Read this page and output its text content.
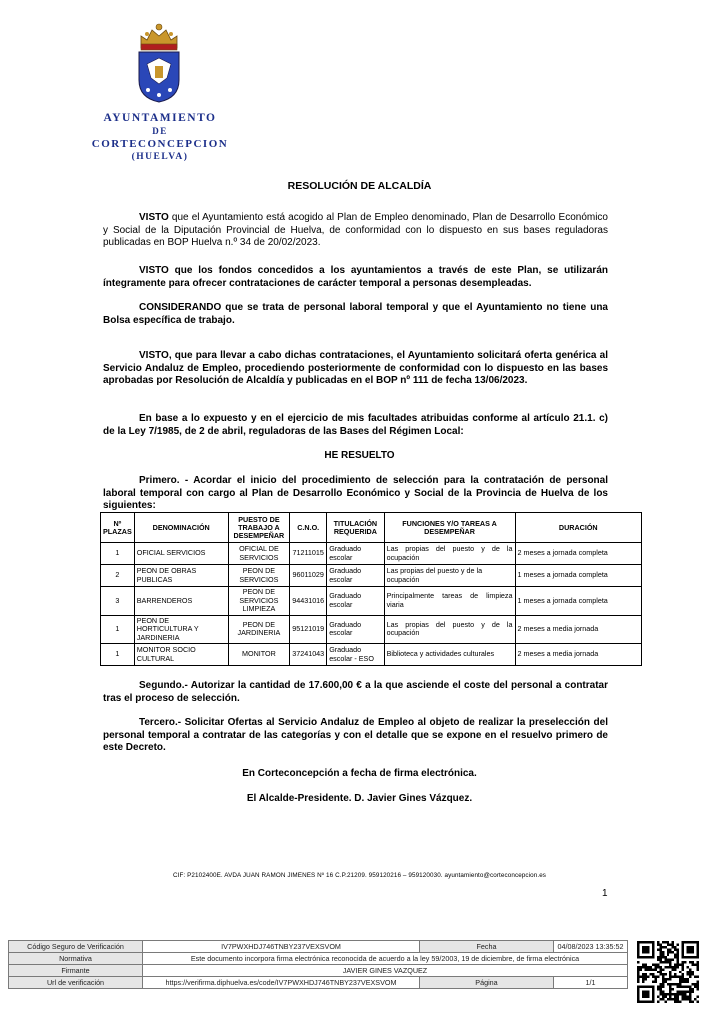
AYUNTAMIENTO
DE
CORTECONCEPCION
(HUELVA)
RESOLUCIÓN DE ALCALDÍA
VISTO que el Ayuntamiento está acogido al Plan de Empleo denominado, Plan de Desarrollo Económico y Social de la Diputación Provincial de Huelva, de conformidad con lo dispuesto en sus bases reguladoras publicadas en BOP Huelva n.º 34 de 20/02/2023.
VISTO que los fondos concedidos a los ayuntamientos a través de este Plan, se utilizarán íntegramente para ofrecer contrataciones de carácter temporal a personas desempleadas.
CONSIDERANDO que se trata de personal laboral temporal y que el Ayuntamiento no tiene una Bolsa específica de trabajo.
VISTO, que para llevar a cabo dichas contrataciones, el Ayuntamiento solicitará oferta genérica al Servicio Andaluz de Empleo, procediendo posteriormente de conformidad con lo dispuesto en las bases aprobadas por Resolución de Alcaldía y publicadas en el BOP nº 111 de fecha 13/06/2023.
En base a lo expuesto y en el ejercicio de mis facultades atribuidas conforme al artículo 21.1. c) de la Ley 7/1985, de 2 de abril, reguladoras de las Bases del Régimen Local:
HE RESUELTO
Primero. - Acordar el inicio del procedimiento de selección para la contratación de personal laboral temporal con cargo al Plan de Desarrollo Económico y Social de la Provincia de Huelva de los siguientes:
Nº PLAZAS	DENOMINACIÓN	PUESTO DE TRABAJO A DESEMPEÑAR	C.N.O.	TITULACIÓN REQUERIDA	FUNCIONES Y/O TAREAS A DESEMPEÑAR	DURACIÓN
1	OFICIAL SERVICIOS	OFICIAL DE SERVICIOS	71211015	Graduado escolar	Las propias del puesto y de la ocupación	2 meses a jornada completa
2	PEON DE OBRAS PUBLICAS	PEON DE SERVICIOS	96011029	Graduado escolar	Las propias del puesto y de la ocupación	1 meses a jornada completa
3	BARRENDEROS	PEON DE SERVICIOS LIMPIEZA	94431016	Graduado escolar	Principalmente tareas de limpieza viaria	1 meses a jornada completa
1	PEON DE HORTICULTURA Y JARDINERIA	PEON DE JARDINERIA	95121019	Graduado escolar	Las propias del puesto y de la ocupación	2 meses a media jornada
1	MONITOR SOCIO CULTURAL	MONITOR	37241043	Graduado escolar - ESO	Biblioteca y actividades culturales	2 meses a media jornada
Segundo.- Autorizar la cantidad de 17.600,00 € a la que asciende el coste del personal a contratar tras el proceso de selección.
Tercero.- Solicitar Ofertas al Servicio Andaluz de Empleo al objeto de realizar la preselección del personal temporal a contratar de las categorías y con el detalle que se expone en el resuelvo primero de este Decreto.
En Corteconcepción a fecha de firma electrónica.
El Alcalde-Presidente. D. Javier Gines Vázquez.
CIF: P2102400E. AVDA JUAN RAMON JIMENES Nº 16 C.P.21209. 959120216 – 959120030. ayuntamiento@corteconcepcion.es
1
Código Seguro de Verificación	IV7PWXHDJ746TNBY237VEXSVOM	Fecha	04/08/2023 13:35:52
Normativa	Este documento incorpora firma electrónica reconocida de acuerdo a la ley 59/2003, 19 de diciembre, de firma electrónica		
Firmante	JAVIER GINES VAZQUEZ		
Url de verificación	https://verifirma.diphuelva.es/code/IV7PWXHDJ746TNBY237VEXSVOM	Página	1/1
